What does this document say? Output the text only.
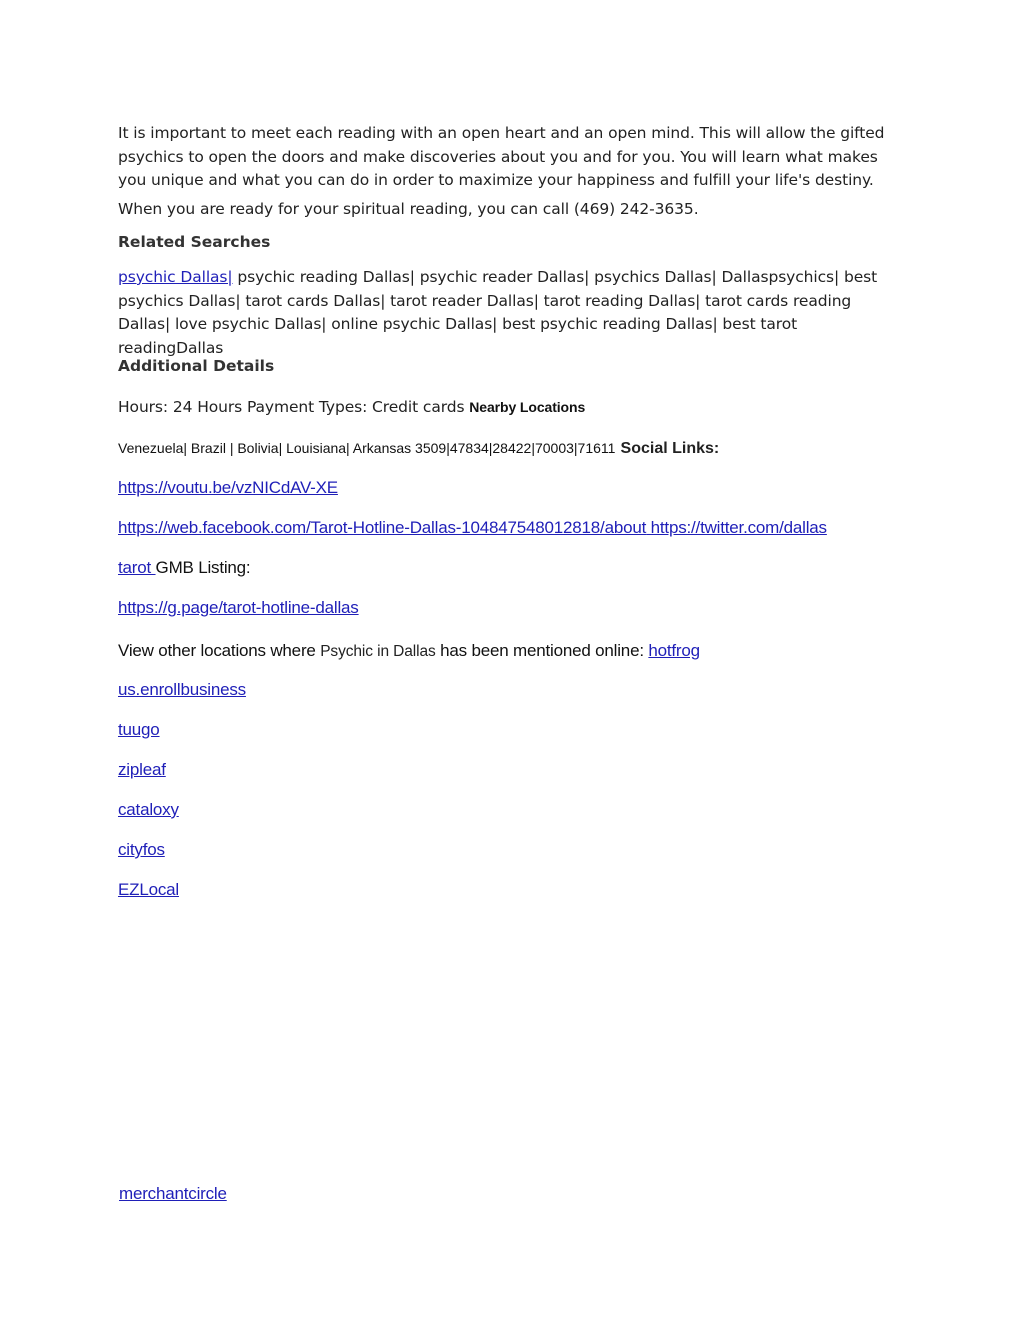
It is important to meet each reading with an open heart and an open mind. This will allow the gifted psychics to open the doors and make discoveries about you and for you. You will learn what makes you unique and what you can do in order to maximize your happiness and fulfill your life's destiny.
When you are ready for your spiritual reading, you can call (469) 242-3635.
Related Searches
psychic Dallas| psychic reading Dallas| psychic reader Dallas| psychics Dallas| Dallaspsychics| best psychics Dallas| tarot cards Dallas| tarot reader Dallas| tarot reading Dallas| tarot cards reading Dallas| love psychic Dallas| online psychic Dallas| best psychic reading Dallas| best tarot readingDallas
Additional Details
Hours: 24 Hours Payment Types: Credit cards Nearby Locations
Venezuela| Brazil | Bolivia| Louisiana| Arkansas 3509|47834|28422|70003|71611 Social Links:
https://voutu.be/vzNICdAV-XE
https://web.facebook.com/Tarot-Hotline-Dallas-104847548012818/about https://twitter.com/dallas
tarot GMB Listing:
https://g.page/tarot-hotline-dallas
View other locations where Psychic in Dallas has been mentioned online: hotfrog
us.enrollbusiness
tuugo
zipleaf
cataloxy
cityfos
EZLocal
merchantcircle
